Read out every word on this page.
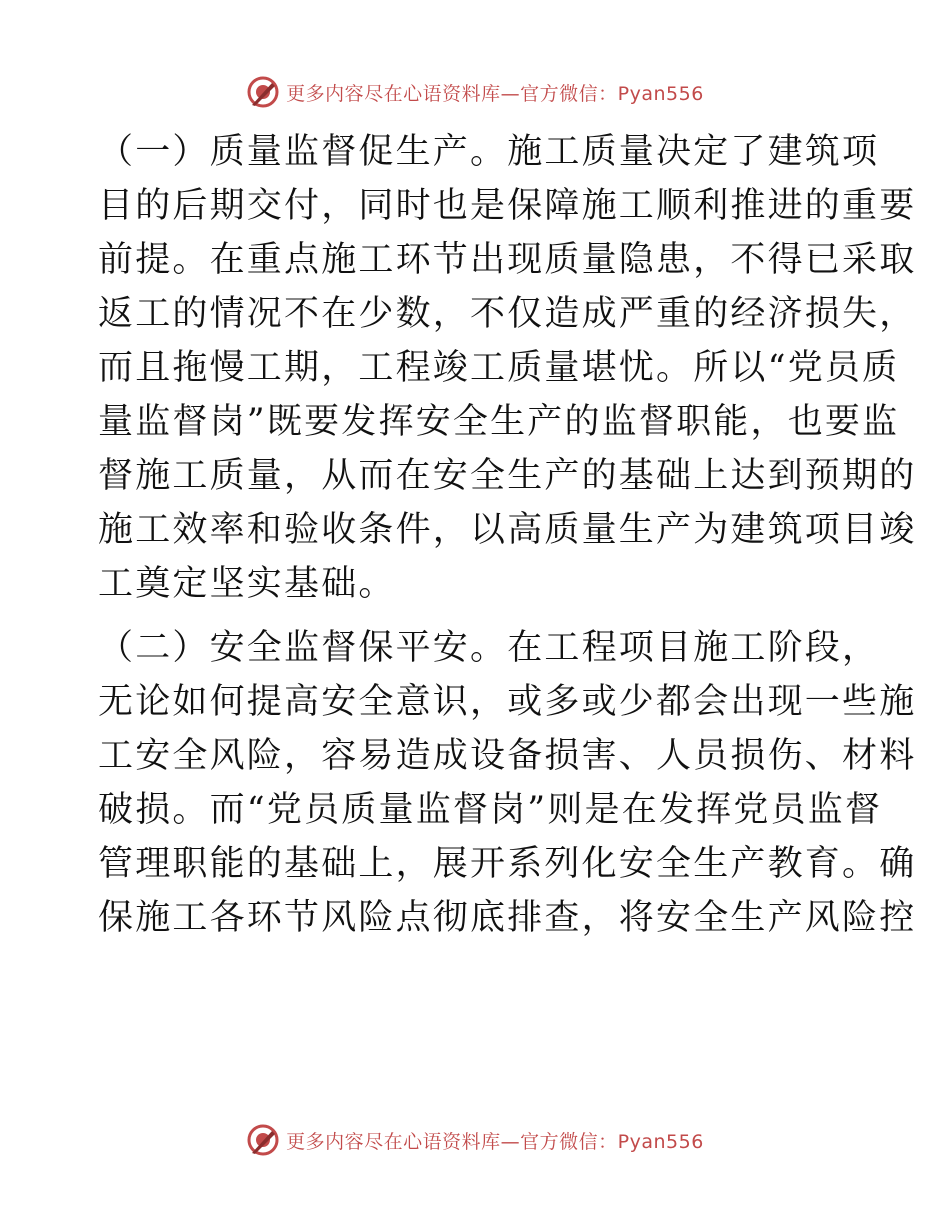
更多内容尽在心语资料库—官方微信：Pyan556
（一）质量监督促生产。施工质量决定了建筑项
目的后期交付，同时也是保障施工顺利推进的重要
前提。在重点施工环节出现质量隐患，不得已采取
返工的情况不在少数，不仅造成严重的经济损失，
而且拖慢工期，工程竣工质量堪忧。所以“党员质
量监督岗”既要发挥安全生产的监督职能，也要监
督施工质量，从而在安全生产的基础上达到预期的
施工效率和验收条件，以高质量生产为建筑项目竣
工奠定坚实基础。
（二）安全监督保平安。在工程项目施工阶段，
无论如何提高安全意识，或多或少都会出现一些施
工安全风险，容易造成设备损害、人员损伤、材料
破损。而“党员质量监督岗”则是在发挥党员监督
管理职能的基础上，展开系列化安全生产教育。确
保施工各环节风险点彻底排查，将安全生产风险控
更多内容尽在心语资料库—官方微信：Pyan556
